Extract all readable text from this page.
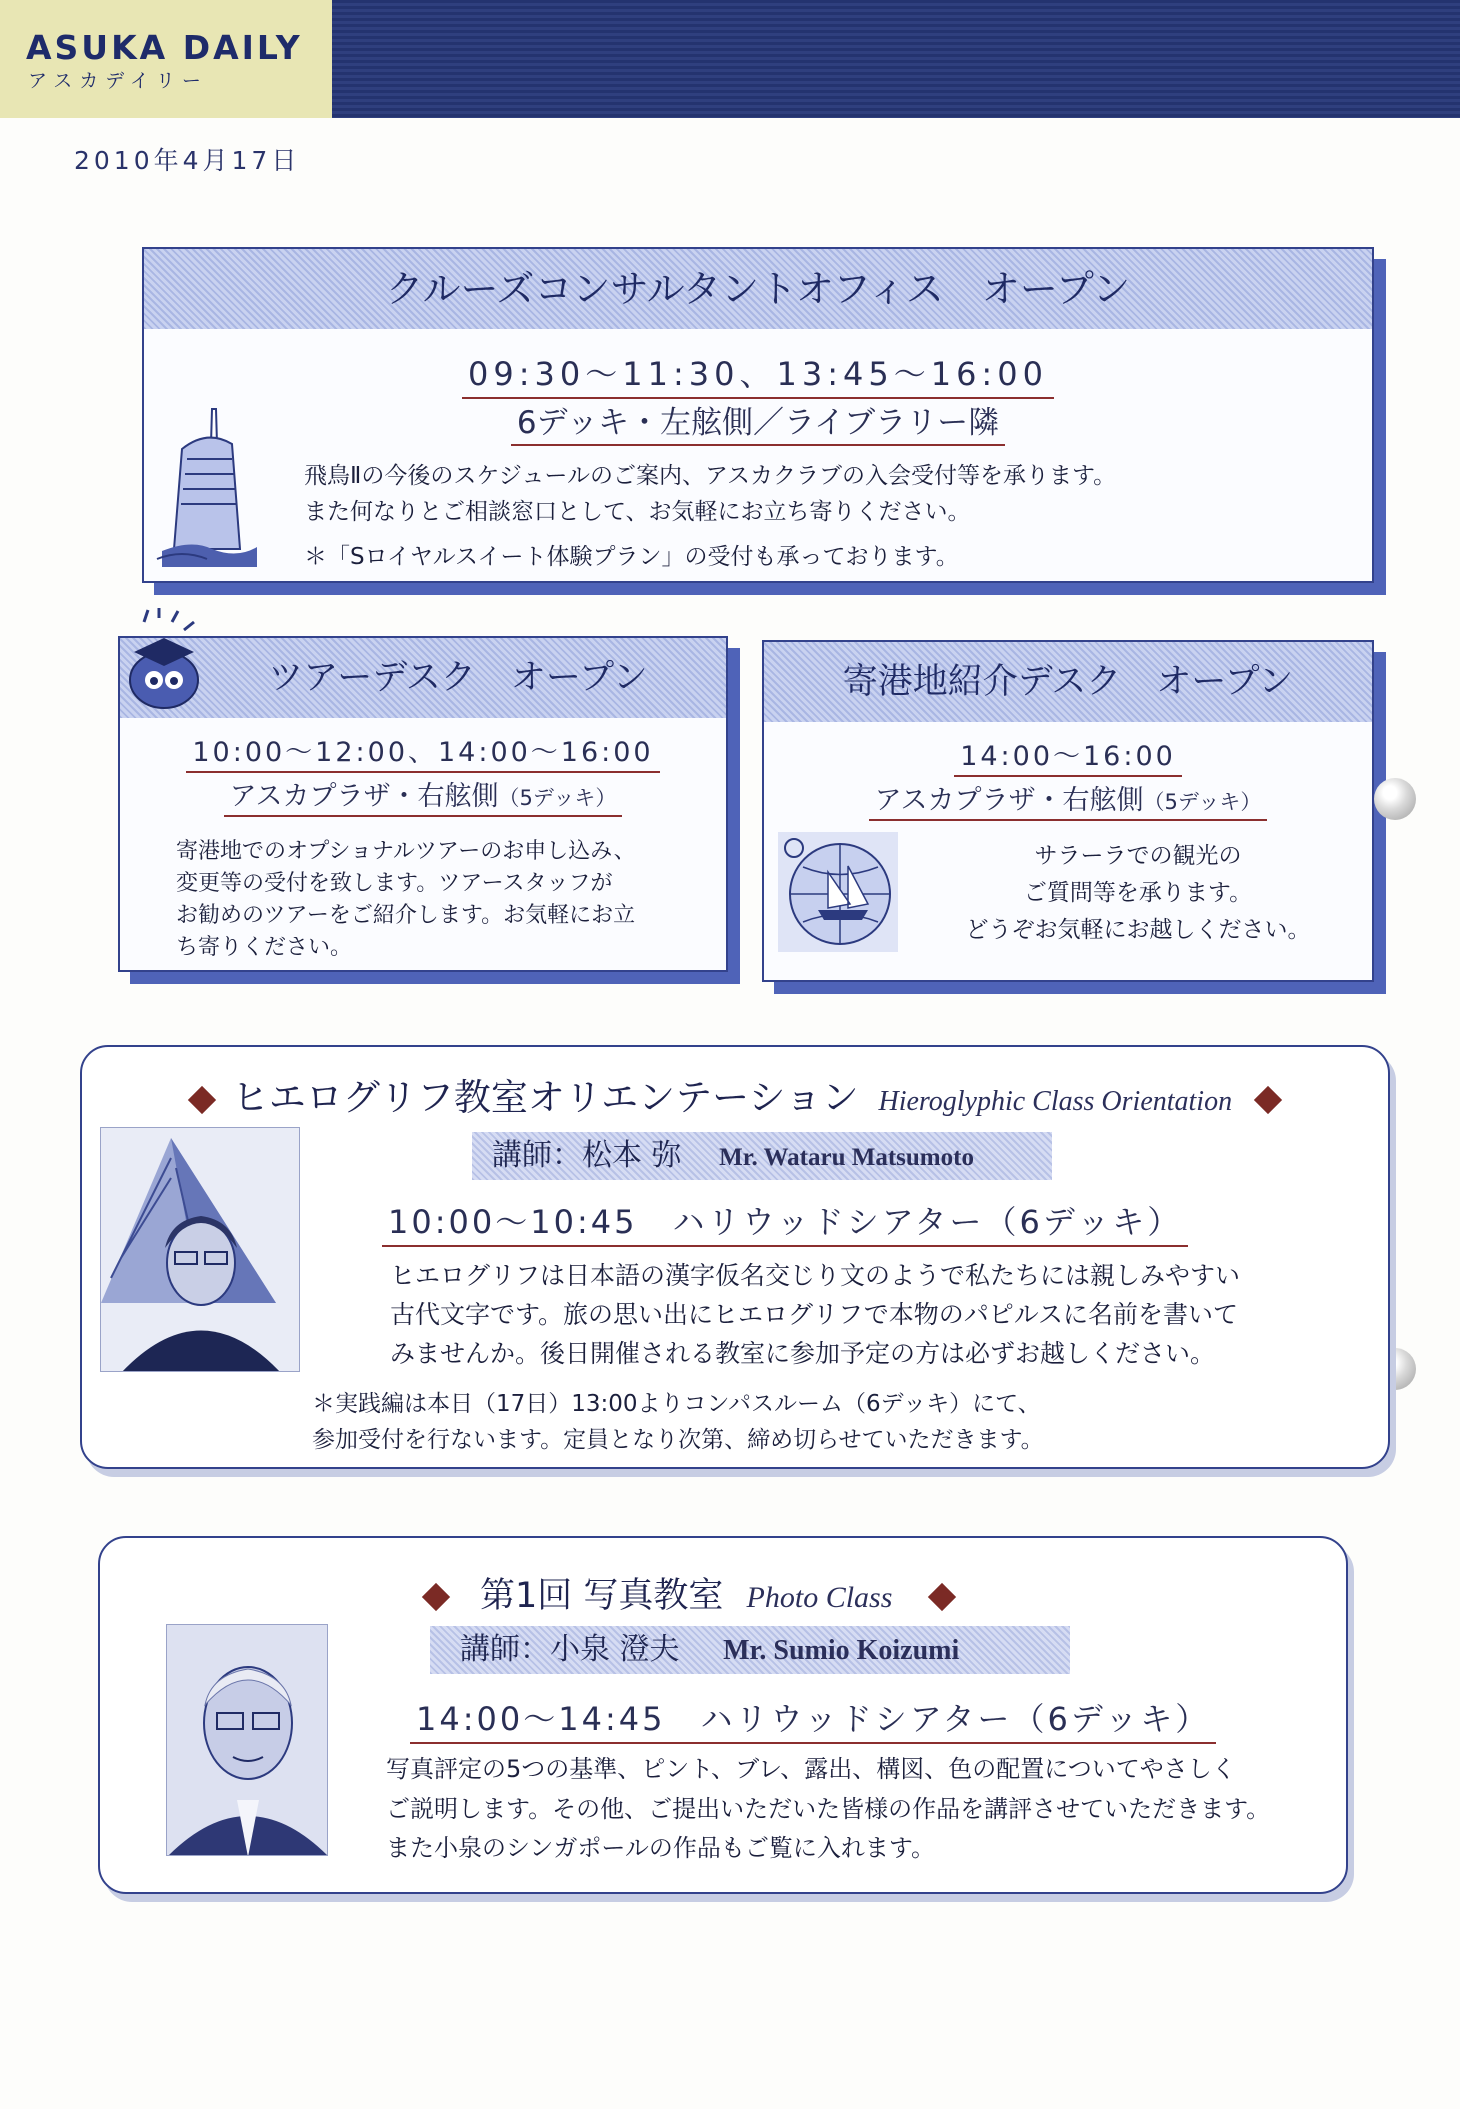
ASUKA DAILY
アスカデイリー
2010年4月17日
クルーズコンサルタントオフィス　オープン
09:30～11:30、13:45～16:00
6デッキ・左舷側／ライブラリー隣
飛鳥Ⅱの今後のスケジュールのご案内、アスカクラブの入会受付等を承ります。
また何なりとご相談窓口として、お気軽にお立ち寄りください。
＊「Sロイヤルスイート体験プラン」の受付も承っております。
ツアーデスク　オープン
10:00～12:00、14:00～16:00
アスカプラザ・右舷側（5デッキ）
寄港地でのオプショナルツアーのお申し込み、
変更等の受付を致します。ツアースタッフが
お勧めのツアーをご紹介します。お気軽にお立
ち寄りください。
寄港地紹介デスク　オープン
14:00～16:00
アスカプラザ・右舷側（5デッキ）
サラーラでの観光の
ご質問等を承ります。
どうぞお気軽にお越しください。
ヒエログリフ教室オリエンテーション Hieroglyphic Class Orientation
講師：松本 弥 Mr. Wataru Matsumoto
10:00～10:45　ハリウッドシアター（6デッキ）
ヒエログリフは日本語の漢字仮名交じり文のようで私たちには親しみやすい
古代文字です。旅の思い出にヒエログリフで本物のパピルスに名前を書いて
みませんか。後日開催される教室に参加予定の方は必ずお越しください。
＊実践編は本日（17日）13:00よりコンパスルーム（6デッキ）にて、
参加受付を行ないます。定員となり次第、締め切らせていただきます。
第1回 写真教室 Photo Class
講師：小泉 澄夫 Mr. Sumio Koizumi
14:00～14:45　ハリウッドシアター（6デッキ）
写真評定の5つの基準、ピント、ブレ、露出、構図、色の配置についてやさしく
ご説明します。その他、ご提出いただいた皆様の作品を講評させていただきます。
また小泉のシンガポールの作品もご覧に入れます。
